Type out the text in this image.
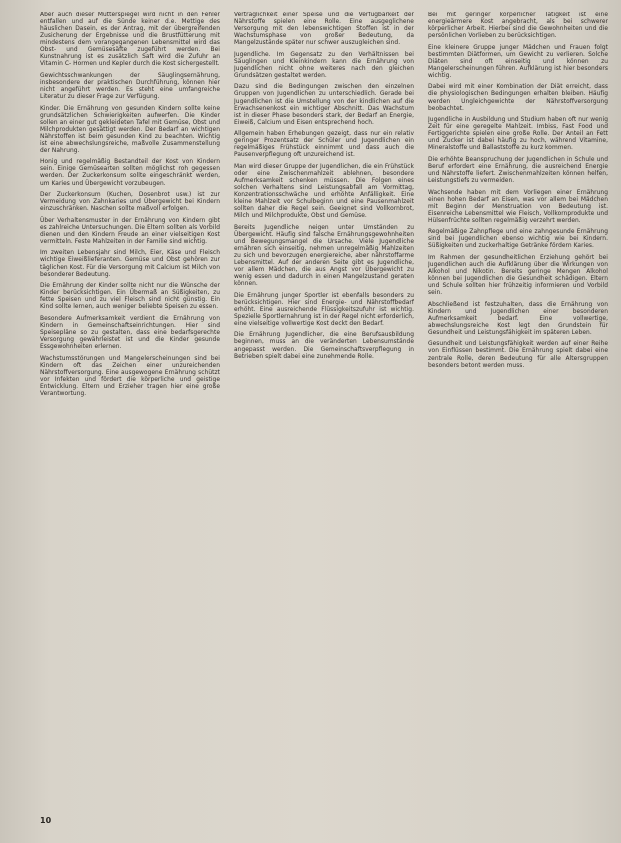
Aber auch dieser Mütterspiegel wird nicht in den Fehler entfallen und auf die Sünde keiner d.e. Mettige des häuslichen Dasein, es der Antrag, mit der übergreifenden Zusicherung der Ergebnisse und die Brustfütterung mit mindestens dem vorangegangenen Lebensmittel wird das Obst- und Gemüsesäfte zugeführt werden. Bei Kunstnahrung ist es zusätzlich Saft wird die Zufuhr an Vitamin C- Hormen und Kepler durch die Kost sichergestellt.

Gewichtsschwankungen der Säuglingsernährung, insbesondere der praktischen Durchführung, können hier nicht angeführt werden. Es steht eine umfangreiche Literatur zu dieser Frage zur Verfügung.

Kinder. Die Ernährung von gesunden Kindern sollte keine grundsätzlichen Schwierigkeiten aufwerfen. Die Kinder sollen an einer gut gekleideten Tafel mit Gemüse, Obst und Milchprodukten gesättigt werden. Der Bedarf an wichtigen Nährstoffen ist beim gesunden Kind zu beachten. Wichtig ist eine abwechslungsreiche, maßvolle Zusammenstellung der Nahrung.

Honig und regelmäßig Bestandteil der Kost von Kindern sein. Einige Gemüsearten sollten möglichst roh gegessen werden. Der Zuckerkonsum sollte eingeschränkt werden, um Karies und Übergewicht vorzubeugen.

Der Zuckerkonsum (Kuchen, Dosenbrot usw.) ist zur Vermeidung von Zahnkaries und Übergewicht bei Kindern einzuschränken. Naschen sollte maßvoll erfolgen.

Über Verhaltensmuster in der Ernährung von Kindern gibt es zahlreiche Untersuchungen. Die Eltern sollten als Vorbild dienen und den Kindern Freude an einer vielseitigen Kost vermitteln. Feste Mahlzeiten in der Familie sind wichtig.

Im zweiten Lebensjahr sind Milch, Eier, Käse und Fleisch wichtige Eiweißlieferanten. Gemüse und Obst gehören zur täglichen Kost. Für die Versorgung mit Calcium ist Milch von besonderer Bedeutung.

Die Ernährung der Kinder sollte nicht nur die Wünsche der Kinder berücksichtigen. Ein Übermaß an Süßigkeiten, zu fette Speisen und zu viel Fleisch sind nicht günstig. Ein Kind sollte lernen, auch weniger beliebte Speisen zu essen.

Besondere Aufmerksamkeit verdient die Ernährung von Kindern in Gemeinschaftseinrichtungen. Hier sind Speisepläne so zu gestalten, dass eine bedarfsgerechte Versorgung gewährleistet ist und die Kinder gesunde Essgewohnheiten erlernen.

Wachstumsstörungen und Mangelerscheinungen sind bei Kindern oft das Zeichen einer unzureichenden Nährstoffversorgung. Eine ausgewogene Ernährung schützt vor Infekten und fördert die körperliche und geistige Entwicklung. Eltern und Erzieher tragen hier eine große Verantwortung.

Verträglichkeit einer Speise und die Verfügbarkeit der Nährstoffe spielen eine Rolle. Eine ausgeglichene Versorgung mit den lebenswichtigen Stoffen ist in der Wachstumsphase von großer Bedeutung, da Mangelzustände später nur schwer auszugleichen sind.

Jugendliche. Im Gegensatz zu den Verhältnissen bei Säuglingen und Kleinkindern kann die Ernährung von Jugendlichen nicht ohne weiteres nach den gleichen Grundsätzen gestaltet werden.

Dazu sind die Bedingungen zwischen den einzelnen Gruppen von Jugendlichen zu unterschiedlich. Gerade bei Jugendlichen ist die Umstellung von der kindlichen auf die Erwachsenenkost ein wichtiger Abschnitt. Das Wachstum ist in dieser Phase besonders stark, der Bedarf an Energie, Eiweiß, Calcium und Eisen entsprechend hoch.

Allgemein haben Erhebungen gezeigt, dass nur ein relativ geringer Prozentsatz der Schüler und Jugendlichen ein regelmäßiges Frühstück einnimmt und dass auch die Pausenverpflegung oft unzureichend ist.

Man wird dieser Gruppe der Jugendlichen, die ein Frühstück oder eine Zwischenmahlzeit ablehnen, besondere Aufmerksamkeit schenken müssen. Die Folgen eines solchen Verhaltens sind Leistungsabfall am Vormittag, Konzentrationsschwäche und erhöhte Anfälligkeit. Eine kleine Mahlzeit vor Schulbeginn und eine Pausenmahlzeit sollten daher die Regel sein. Geeignet sind Vollkornbrot, Milch und Milchprodukte, Obst und Gemüse.

Bereits Jugendliche neigen unter Umständen zu Übergewicht. Häufig sind falsche Ernährungsgewohnheiten und Bewegungsmangel die Ursache. Viele Jugendliche ernähren sich einseitig, nehmen unregelmäßig Mahlzeiten zu sich und bevorzugen energiereiche, aber nährstoffarme Lebensmittel. Auf der anderen Seite gibt es Jugendliche, vor allem Mädchen, die aus Angst vor Übergewicht zu wenig essen und dadurch in einen Mangelzustand geraten können.

Die Ernährung junger Sportler ist ebenfalls besonders zu berücksichtigen. Hier sind Energie- und Nährstoffbedarf erhöht. Eine ausreichende Flüssigkeitszufuhr ist wichtig. Spezielle Sportlernahrung ist in der Regel nicht erforderlich, eine vielseitige vollwertige Kost deckt den Bedarf.

Die Ernährung Jugendlicher, die eine Berufsausbildung beginnen, muss an die veränderten Lebensumstände angepasst werden. Die Gemeinschaftsverpflegung in Betrieben spielt dabei eine zunehmende Rolle.

Bei mit geringer körperlicher Tätigkeit ist eine energieärmere Kost angebracht, als bei schwerer körperlicher Arbeit. Hierbei sind die Gewohnheiten und die persönlichen Vorlieben zu berücksichtigen.

Eine kleinere Gruppe junger Mädchen und Frauen folgt bestimmten Diätformen, um Gewicht zu verlieren. Solche Diäten sind oft einseitig und können zu Mangelerscheinungen führen. Aufklärung ist hier besonders wichtig.

Dabei wird mit einer Kombination der Diät erreicht, dass die physiologischen Bedingungen erhalten bleiben. Häufig werden Ungleichgewichte der Nährstoffversorgung beobachtet.

Jugendliche in Ausbildung und Studium haben oft nur wenig Zeit für eine geregelte Mahlzeit. Imbiss, Fast Food und Fertiggerichte spielen eine große Rolle. Der Anteil an Fett und Zucker ist dabei häufig zu hoch, während Vitamine, Mineralstoffe und Ballaststoffe zu kurz kommen.

Die erhöhte Beanspruchung der Jugendlichen in Schule und Beruf erfordert eine Ernährung, die ausreichend Energie und Nährstoffe liefert. Zwischenmahlzeiten können helfen, Leistungstiefs zu vermeiden.

Wachsende haben mit dem Vorliegen einer Ernährung einen hohen Bedarf an Eisen, was vor allem bei Mädchen mit Beginn der Menstruation von Bedeutung ist. Eisenreiche Lebensmittel wie Fleisch, Vollkornprodukte und Hülsenfrüchte sollten regelmäßig verzehrt werden.

Regelmäßige Zahnpflege und eine zahngesunde Ernährung sind bei Jugendlichen ebenso wichtig wie bei Kindern. Süßigkeiten und zuckerhaltige Getränke fördern Karies.

Im Rahmen der gesundheitlichen Erziehung gehört bei Jugendlichen auch die Aufklärung über die Wirkungen von Alkohol und Nikotin. Bereits geringe Mengen Alkohol können bei Jugendlichen die Gesundheit schädigen. Eltern und Schule sollten hier frühzeitig informieren und Vorbild sein.

Abschließend ist festzuhalten, dass die Ernährung von Kindern und Jugendlichen einer besonderen Aufmerksamkeit bedarf. Eine vollwertige, abwechslungsreiche Kost legt den Grundstein für Gesundheit und Leistungsfähigkeit im späteren Leben.

Gesundheit und Leistungsfähigkeit werden auf einer Reihe von Einflüssen bestimmt. Die Ernährung spielt dabei eine zentrale Rolle, deren Bedeutung für alle Altersgruppen besonders betont werden muss.

10
